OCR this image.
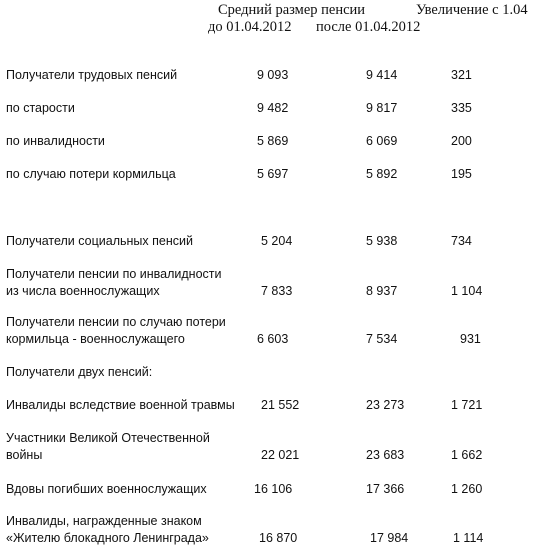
Средний размер пенсии	Увеличение с 1.04
до 01.04.2012 после 01.04.2012
Получатели трудовых пенсий	9 093	9 414	321
по старости	9 482	9 817	335
по инвалидности	5 869	6 069	200
по случаю потери кормильца	5 697	5 892	195
Получатели социальных пенсий	5 204	5 938	734
Получатели пенсии по инвалидности
из числа военнослужащих	7 833	8 937	1 104
Получатели пенсии по случаю потери
кормильца - военнослужащего	6 603	7 534	931
Получатели двух пенсий:
Инвалиды вследствие военной травмы 21 552	23 273	1 721
Участники Великой Отечественной
войны	22 021	23 683	1 662
Вдовы погибших военнослужащих	16 106	17 366	1 260
Инвалиды, награжденные знаком
«Жителю блокадного Ленинграда»	16 870	17 984	1 114
